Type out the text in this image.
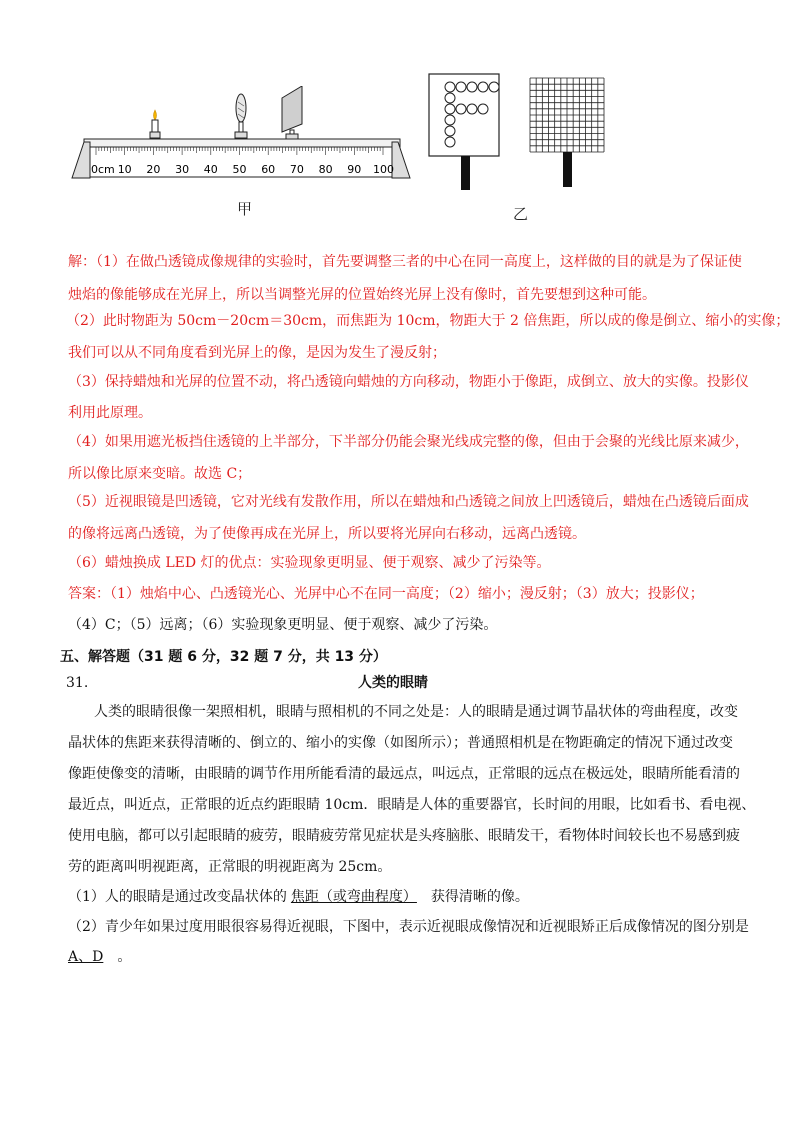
0cm 10 20 30 40 50 60 70 80 90 100
甲	乙
解：（1）在做凸透镜成像规律的实验时，首先要调整三者的中心在同一高度上，这样做的目的就是为了保证使
烛焰的像能够成在光屏上，所以当调整光屏的位置始终光屏上没有像时，首先要想到这种可能。
（2）此时物距为 50cm－20cm＝30cm，而焦距为 10cm，物距大于 2 倍焦距，所以成的像是倒立、缩小的实像；
我们可以从不同角度看到光屏上的像，是因为发生了漫反射；
（3）保持蜡烛和光屏的位置不动，将凸透镜向蜡烛的方向移动，物距小于像距，成倒立、放大的实像。投影仪
利用此原理。
（4）如果用遮光板挡住透镜的上半部分，下半部分仍能会聚光线成完整的像，但由于会聚的光线比原来减少，
所以像比原来变暗。故选 C；
（5）近视眼镜是凹透镜，它对光线有发散作用，所以在蜡烛和凸透镜之间放上凹透镜后，蜡烛在凸透镜后面成
的像将远离凸透镜，为了使像再成在光屏上，所以要将光屏向右移动，远离凸透镜。
（6）蜡烛换成 LED 灯的优点：实验现象更明显、便于观察、减少了污染等。
答案：（1）烛焰中心、凸透镜光心、光屏中心不在同一高度；（2）缩小；漫反射；（3）放大；投影仪；
（4）C；（5）远离；（6）实验现象更明显、便于观察、减少了污染。
五、解答题（31 题 6 分，32 题 7 分，共 13 分）
31.	人类的眼睛
人类的眼睛很像一架照相机，眼睛与照相机的不同之处是：人的眼睛是通过调节晶状体的弯曲程度，改变
晶状体的焦距来获得清晰的、倒立的、缩小的实像（如图所示）；普通照相机是在物距确定的情况下通过改变
像距使像变的清晰，由眼睛的调节作用所能看清的最远点，叫远点，正常眼的远点在极远处，眼睛所能看清的
最近点，叫近点，正常眼的近点约距眼睛 10cm．眼睛是人体的重要器官，长时间的用眼，比如看书、看电视、
使用电脑，都可以引起眼睛的疲劳，眼睛疲劳常见症状是头疼脑胀、眼睛发干，看物体时间较长也不易感到疲
劳的距离叫明视距离，正常眼的明视距离为 25cm。
（1）人的眼睛是通过改变晶状体的 焦距（或弯曲程度） 获得清晰的像。
（2）青少年如果过度用眼很容易得近视眼，下图中，表示近视眼成像情况和近视眼矫正后成像情况的图分别是
A、D 。
